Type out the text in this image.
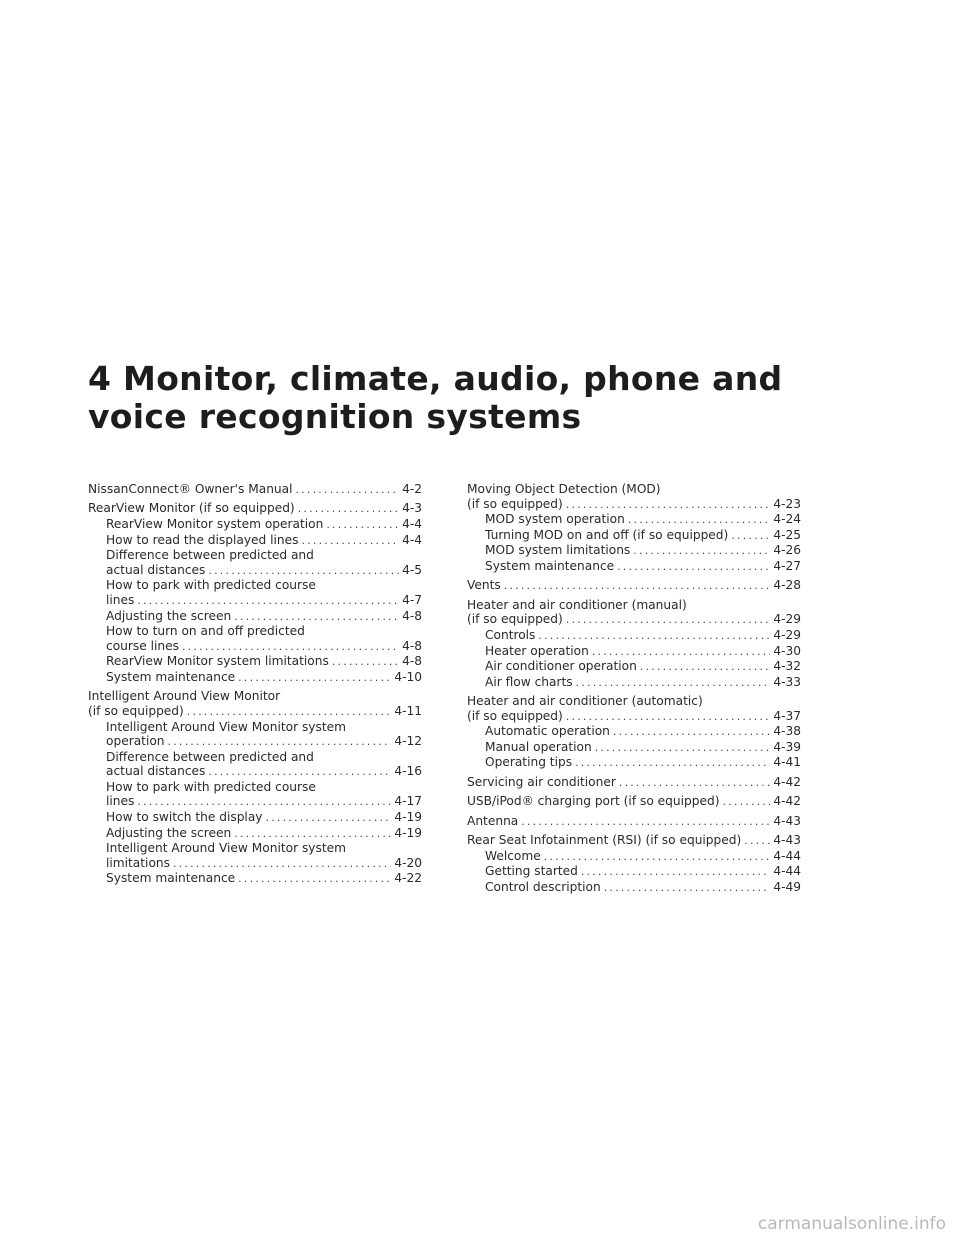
4 Monitor, climate, audio, phone and
voice recognition systems
NissanConnect® Owner's Manual .....	4-2
RearView Monitor (if so equipped) .....	4-3
RearView Monitor system operation .....	4-4
How to read the displayed lines .....	4-4
Difference between predicted and
actual distances .....	4-5
How to park with predicted course
lines .....	4-7
Adjusting the screen .....	4-8
How to turn on and off predicted
course lines .....	4-8
RearView Monitor system limitations .....	4-8
System maintenance .....	4-10
Intelligent Around View Monitor
(if so equipped) .....	4-11
Intelligent Around View Monitor system
operation .....	4-12
Difference between predicted and
actual distances .....	4-16
How to park with predicted course
lines .....	4-17
How to switch the display .....	4-19
Adjusting the screen .....	4-19
Intelligent Around View Monitor system
limitations .....	4-20
System maintenance .....	4-22
Moving Object Detection (MOD)
(if so equipped) .....	4-23
MOD system operation .....	4-24
Turning MOD on and off (if so equipped) .....	4-25
MOD system limitations .....	4-26
System maintenance .....	4-27
Vents .....	4-28
Heater and air conditioner (manual)
(if so equipped) .....	4-29
Controls .....	4-29
Heater operation .....	4-30
Air conditioner operation .....	4-32
Air flow charts .....	4-33
Heater and air conditioner (automatic)
(if so equipped) .....	4-37
Automatic operation .....	4-38
Manual operation .....	4-39
Operating tips .....	4-41
Servicing air conditioner .....	4-42
USB/iPod® charging port (if so equipped) .....	4-42
Antenna .....	4-43
Rear Seat Infotainment (RSI) (if so equipped) .....	4-43
Welcome .....	4-44
Getting started .....	4-44
Control description .....	4-49
carmanualsonline.info
